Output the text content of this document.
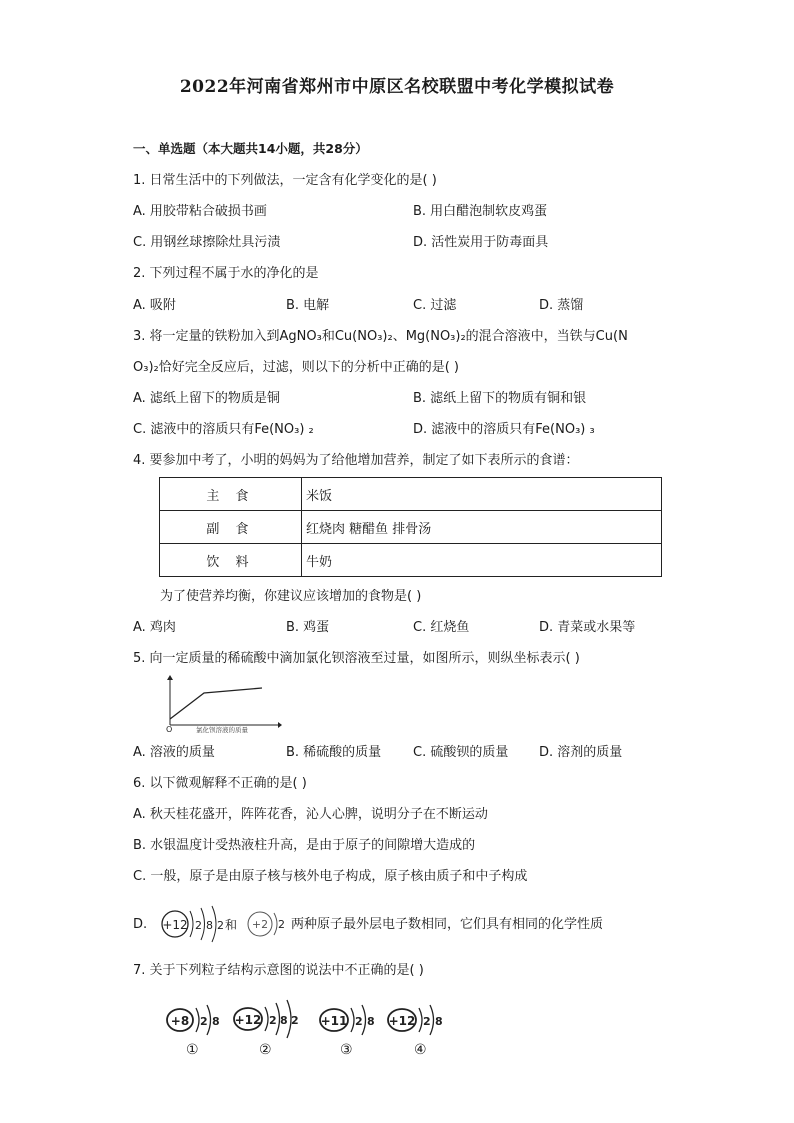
2022年河南省郑州市中原区名校联盟中考化学模拟试卷
一、单选题（本大题共14小题，共28分）
1. 日常生活中的下列做法，一定含有化学变化的是( )
A. 用胶带粘合破损书画	B. 用白醋泡制软皮鸡蛋
C. 用钢丝球擦除灶具污渍	D. 活性炭用于防毒面具
2. 下列过程不属于水的净化的是
A. 吸附	B. 电解	C. 过滤	D. 蒸馏
3. 将一定量的铁粉加入到AgNO₃和Cu(NO₃)₂、Mg(NO₃)₂的混合溶液中，当铁与Cu(N
O₃)₂恰好完全反应后，过滤，则以下的分析中正确的是( )
A. 滤纸上留下的物质是铜	B. 滤纸上留下的物质有铜和银
C. 滤液中的溶质只有Fe(NO₃) ₂	D. 滤液中的溶质只有Fe(NO₃) ₃
4. 要参加中考了，小明的妈妈为了给他增加营养，制定了如下表所示的食谱：
主 食	米饭
副 食	红烧肉 糖醋鱼 排骨汤
饮 料	牛奶
为了使营养均衡，你建议应该增加的食物是( )
A. 鸡肉	B. 鸡蛋	C. 红烧鱼	D. 青菜或水果等
5. 向一定质量的稀硫酸中滴加氯化钡溶液至过量，如图所示，则纵坐标表示( )
O	氯化钡溶液的质量
A. 溶液的质量	B. 稀硫酸的质量 C. 硫酸钡的质量 D. 溶剂的质量
6. 以下微观解释不正确的是( )
A. 秋天桂花盛开，阵阵花香，沁人心脾，说明分子在不断运动
B. 水银温度计受热液柱升高，是由于原子的间隙增大造成的
C. 一般，原子是由原子核与核外电子构成，原子核由质子和中子构成
D. +12 2 8 2 和 +2 2 两种原子最外层电子数相同，它们具有相同的化学性质
7. 关于下列粒子结构示意图的说法中不正确的是( )
+8 2 8
①
+12 2 8 2
②
+11 2 8
③
+12 2 8
④
